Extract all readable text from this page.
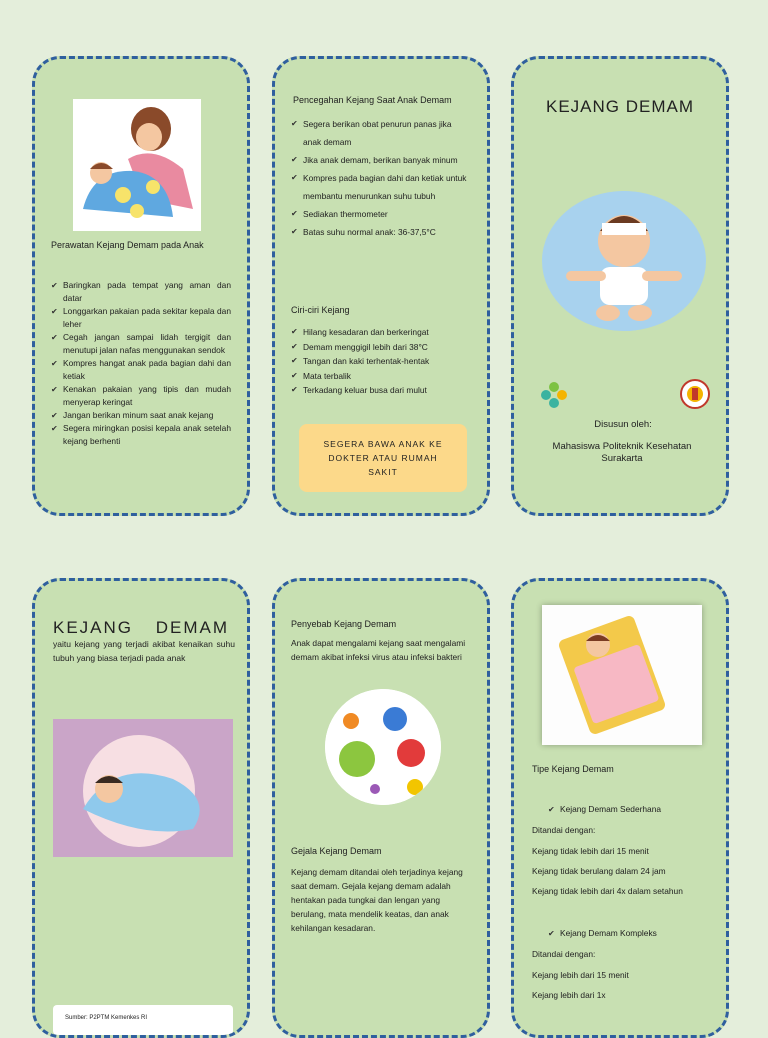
Perawatan Kejang Demam pada Anak
✔ Baringkan pada tempat yang aman dan datar
✔ Longgarkan pakaian pada sekitar kepala dan leher
✔ Cegah jangan sampai lidah tergigit dan menutupi jalan nafas menggunakan sendok
✔ Kompres hangat anak pada bagian dahi dan ketiak
✔ Kenakan pakaian yang tipis dan mudah menyerap keringat
✔ Jangan berikan minum saat anak kejang
✔ Segera miringkan posisi kepala anak setelah kejang berhenti
Pencegahan Kejang Saat Anak Demam
✔ Segera berikan obat penurun panas jika anak demam
✔ Jika anak demam, berikan banyak minum
✔ Kompres pada bagian dahi dan ketiak untuk membantu menurunkan suhu tubuh
✔ Sediakan thermometer
✔ Batas suhu normal anak: 36-37,5°C
Ciri-ciri Kejang
✔ Hilang kesadaran dan berkeringat
✔ Demam menggigil lebih dari 38°C
✔ Tangan dan kaki terhentak-hentak
✔ Mata terbalik
✔ Terkadang keluar busa dari mulut
SEGERA BAWA ANAK KE DOKTER ATAU RUMAH SAKIT
KEJANG DEMAM
Disusun oleh:
Mahasiswa Politeknik Kesehatan Surakarta
KEJANG DEMAM yaitu kejang yang terjadi akibat kenaikan suhu tubuh yang biasa terjadi pada anak
Sumber: P2PTM Kemenkes RI
Penyebab Kejang Demam
Anak dapat mengalami kejang saat mengalami demam akibat infeksi virus atau infeksi bakteri
Gejala Kejang Demam
Kejang demam ditandai oleh terjadinya kejang saat demam. Gejala kejang demam adalah hentakan pada tungkai dan lengan yang berulang, mata mendelik keatas, dan anak kehilangan kesadaran.
Tipe Kejang Demam
✔ Kejang Demam Sederhana
Ditandai dengan:
Kejang tidak lebih dari 15 menit
Kejang tidak berulang dalam 24 jam
Kejang tidak lebih dari 4x dalam setahun
✔ Kejang Demam Kompleks
Ditandai dengan:
Kejang lebih dari 15 menit
Kejang lebih dari 1x
